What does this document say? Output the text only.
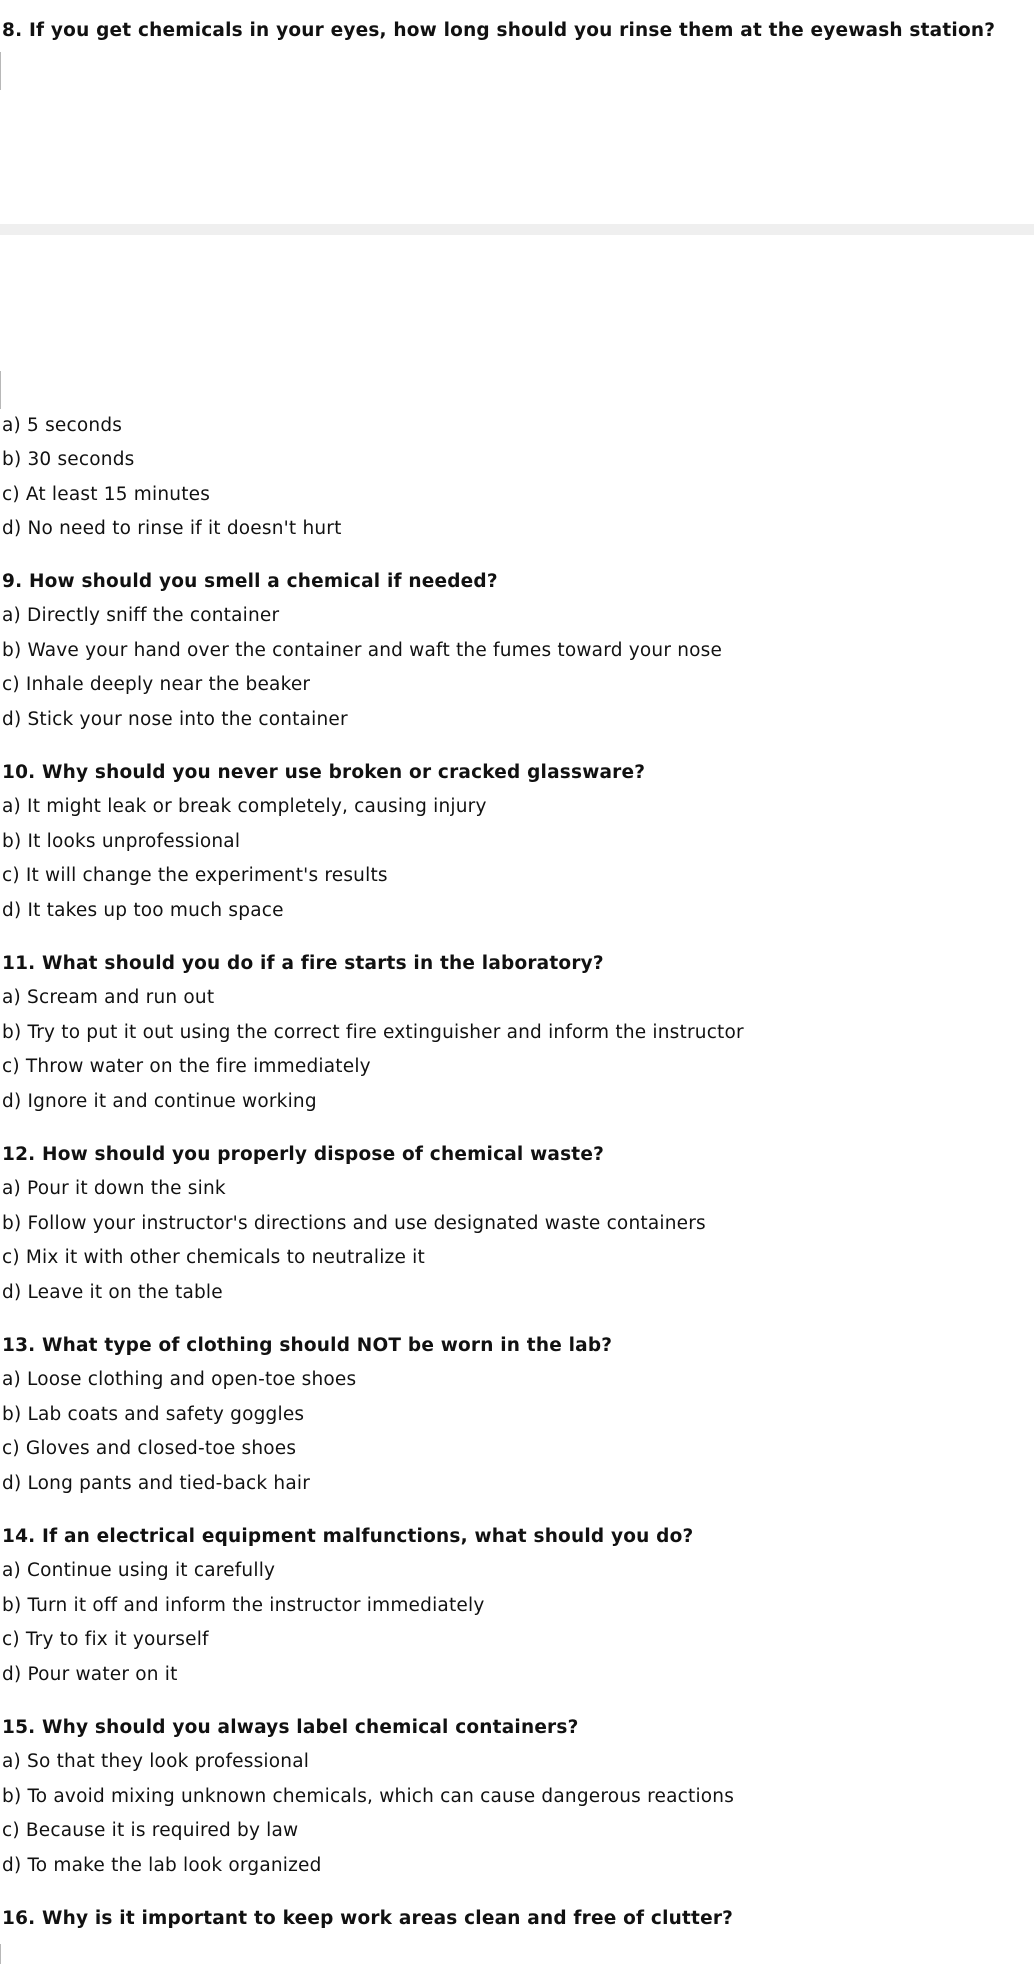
8. If you get chemicals in your eyes, how long should you rinse them at the eyewash station?
a) 5 seconds
b) 30 seconds
c) At least 15 minutes
d) No need to rinse if it doesn't hurt
9. How should you smell a chemical if needed?
a) Directly sniff the container
b) Wave your hand over the container and waft the fumes toward your nose
c) Inhale deeply near the beaker
d) Stick your nose into the container
10. Why should you never use broken or cracked glassware?
a) It might leak or break completely, causing injury
b) It looks unprofessional
c) It will change the experiment's results
d) It takes up too much space
11. What should you do if a fire starts in the laboratory?
a) Scream and run out
b) Try to put it out using the correct fire extinguisher and inform the instructor
c) Throw water on the fire immediately
d) Ignore it and continue working
12. How should you properly dispose of chemical waste?
a) Pour it down the sink
b) Follow your instructor's directions and use designated waste containers
c) Mix it with other chemicals to neutralize it
d) Leave it on the table
13. What type of clothing should NOT be worn in the lab?
a) Loose clothing and open-toe shoes
b) Lab coats and safety goggles
c) Gloves and closed-toe shoes
d) Long pants and tied-back hair
14. If an electrical equipment malfunctions, what should you do?
a) Continue using it carefully
b) Turn it off and inform the instructor immediately
c) Try to fix it yourself
d) Pour water on it
15. Why should you always label chemical containers?
a) So that they look professional
b) To avoid mixing unknown chemicals, which can cause dangerous reactions
c) Because it is required by law
d) To make the lab look organized
16. Why is it important to keep work areas clean and free of clutter?
